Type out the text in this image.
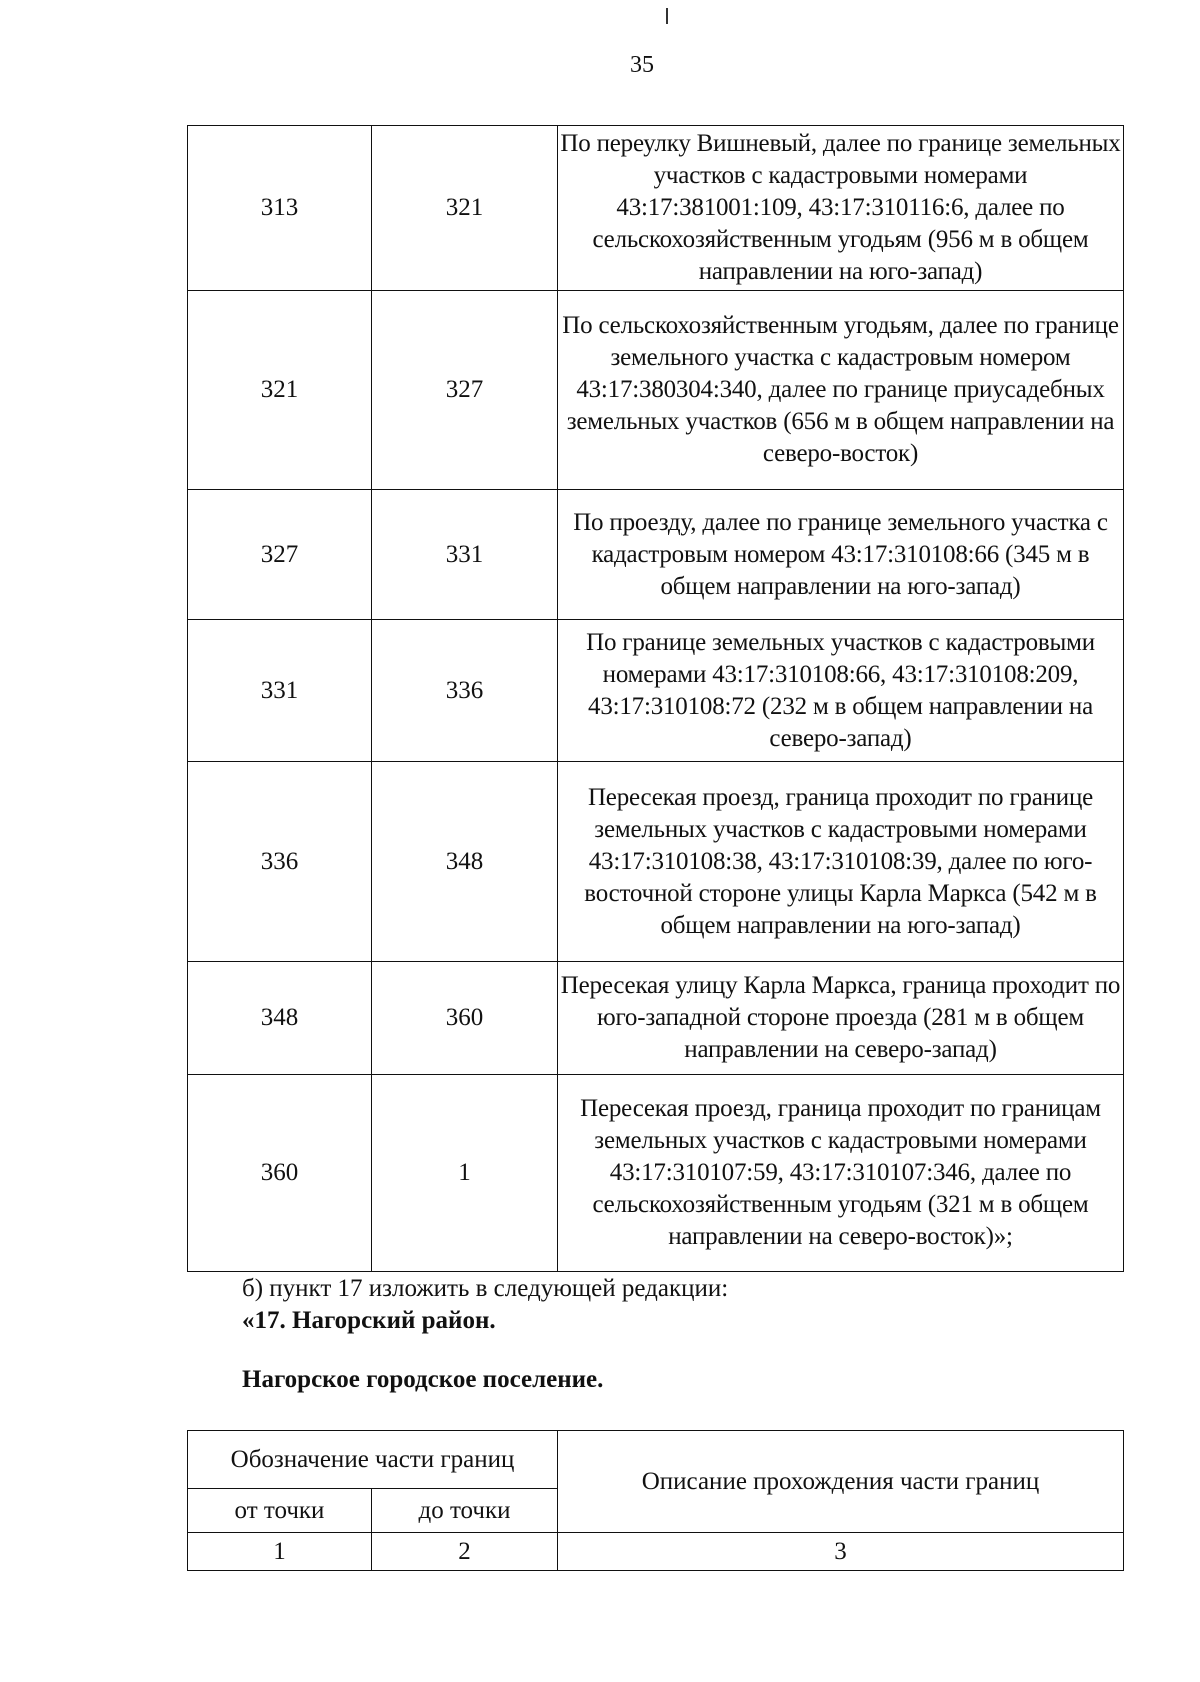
35
313	321	По переулку Вишневый, далее по границе земельных участков с кадастровыми номерами 43:17:381001:109, 43:17:310116:6, далее по сельскохозяйственным угодьям (956 м в общем направлении на юго-запад)
321	327	По сельскохозяйственным угодьям, далее по границе земельного участка с кадастровым номером 43:17:380304:340, далее по границе приусадебных земельных участков (656 м в общем направлении на северо-восток)
327	331	По проезду, далее по границе земельного участка с кадастровым номером 43:17:310108:66 (345 м в общем направлении на юго-запад)
331	336	По границе земельных участков с кадастровыми номерами 43:17:310108:66, 43:17:310108:209, 43:17:310108:72 (232 м в общем направлении на северо-запад)
336	348	Пересекая проезд, граница проходит по границе земельных участков с кадастровыми номерами 43:17:310108:38, 43:17:310108:39, далее по юго-восточной стороне улицы Карла Маркса (542 м в общем направлении на юго-запад)
348	360	Пересекая улицу Карла Маркса, граница проходит по юго-западной стороне проезда (281 м в общем направлении на северо-запад)
360	1	Пересекая проезд, граница проходит по границам земельных участков с кадастровыми номерами 43:17:310107:59, 43:17:310107:346, далее по сельскохозяйственным угодьям (321 м в общем направлении на северо-восток)»;
б) пункт 17 изложить в следующей редакции:
«17. Нагорский район.
Нагорское городское поселение.
Обозначение части границ		Описание прохождения части границ
от точки	до точки	
1	2	3
